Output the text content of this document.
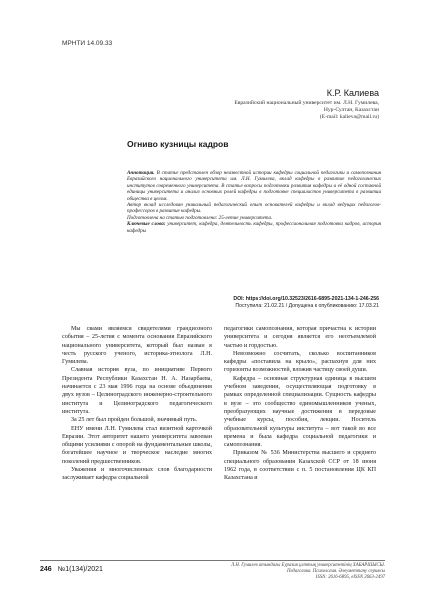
МРНТИ 14.09.33
К.Р. Калиева
Евразийский национальный университет им. Л.Н. Гумилева,
Нур-Султан, Казахстан
(E-mail: kalieva@mail.ru)
Огниво кузницы кадров

Аннотация. В статье представлен обзор неизвестной истории кафедры социальной педагогики и самопознания Евразийского национального университета им. Л.Н. Гумилева, вклад кафедры в развитие педагогических институтов современного университета. В статье вопросы подготовки развития кафедры и её одной составной единицы университета и анализ основных ролей кафедры в подготовке специалистов университета в развитии общества в целом.

Автор вклад исследован уникальный педагогический опыт основателей кафедры и вклад ведущих педагогов-профессоров в развитие кафедры.

Подготовлена на статью подготовлена: 25-летие университета.

Ключевые слова: университет, кафедра, деятельность кафедры, профессиональная подготовка кадров, история кафедры

DOI: https://doi.org/10.32523/2616-6895-2021-134-1-246-256
Поступила: 21.02.21 / Допущена к опубликованию: 17.03.21

Мы свами являемся свидетелями грандиозного события – 25-летия с момента основания Евразийского национального университета, который был назван в честь русского ученого, историка-этнолога Л.Н. Гумилева.

Славная история вуза, по инициативе Первого Президента Республики Казахстан Н. А. Назарбаева, начинается с 23 мая 1996 года на основе объединения двух вузов – Целиноградского инженерно-строительного института и Целиноградского педагогического института.

За 25 лет был пройден большой, значимый путь.

ЕНУ имени Л.Н. Гумилева стал визитной карточкой Евразии. Этот авторитет нашего университета завоеван общими усилиями с опорой на фундаментальные школы, богатейшее научное и творческое наследие многих поколений предшественников.

Уважения и многочисленных слов благодарности заслуживает кафедра социальной

педагогики самопознания, которая причастна к истории университета и сегодня является его неотъемлемой частью и гордостью.

Невозможно сосчитать, сколько воспитанников кафедры «поставила на крыло», распахнув для них горизонты возможностей, вложив частицу своей души.

Кафедра – основная структурная единица в высшем учебном заведении, осуществляющая подготовку в рамках определенной специализации. Сущность кафедры в вузе – это сообщество единомышленников ученых, преобразующих научные достижения в передовые учебные курсы, пособия, лекции. Носитель образовательной культуры института – вот такой во все времена и была кафедра социальной педагогики и самопознания.

Приказом № 536 Министерства высшего и среднего специального образования Казахской ССР от 18 июня 1962 года, в соответствии с п. 5 постановления ЦК КП Казахстана и

246 №1(134)/2021
Л.Н. Гумилев атындағы Еуразия ұлттық университетінің ХАБАРШЫСЫ.
Педагогика. Психология. Әлеуметтану сериясы
ISSN: 2616-6895, eISSN 2663-2497
